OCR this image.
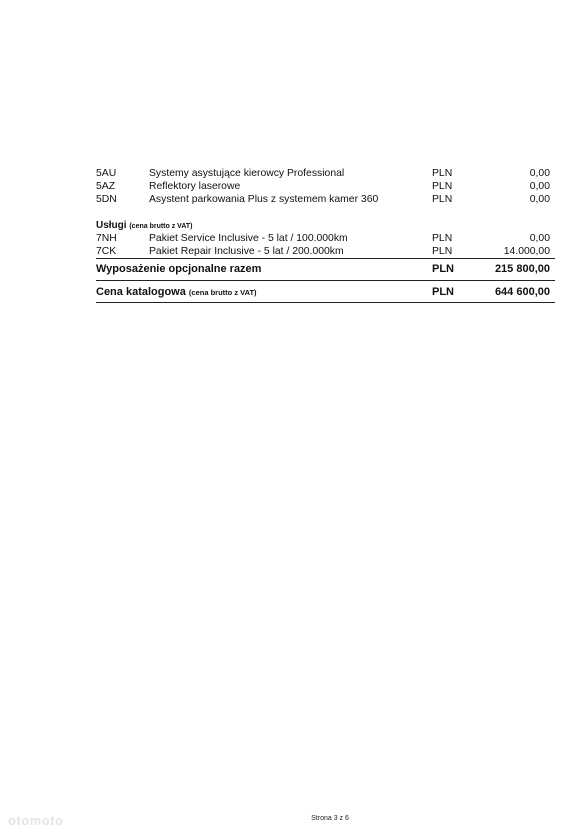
5AU	Systemy asystujące kierowcy Professional	PLN	0,00
5AZ	Reflektory laserowe	PLN	0,00
5DN	Asystent parkowania Plus z systemem kamer 360	PLN	0,00
Usługi (cena brutto z VAT)
7NH	Pakiet Service Inclusive - 5 lat / 100.000km	PLN	0,00
7CK	Pakiet Repair Inclusive - 5 lat / 200.000km	PLN	14.000,00
Wyposażenie opcjonalne razem	PLN	215 800,00
Cena katalogowa (cena brutto z VAT)	PLN	644 600,00
otomoto	Strona 3 z 6
